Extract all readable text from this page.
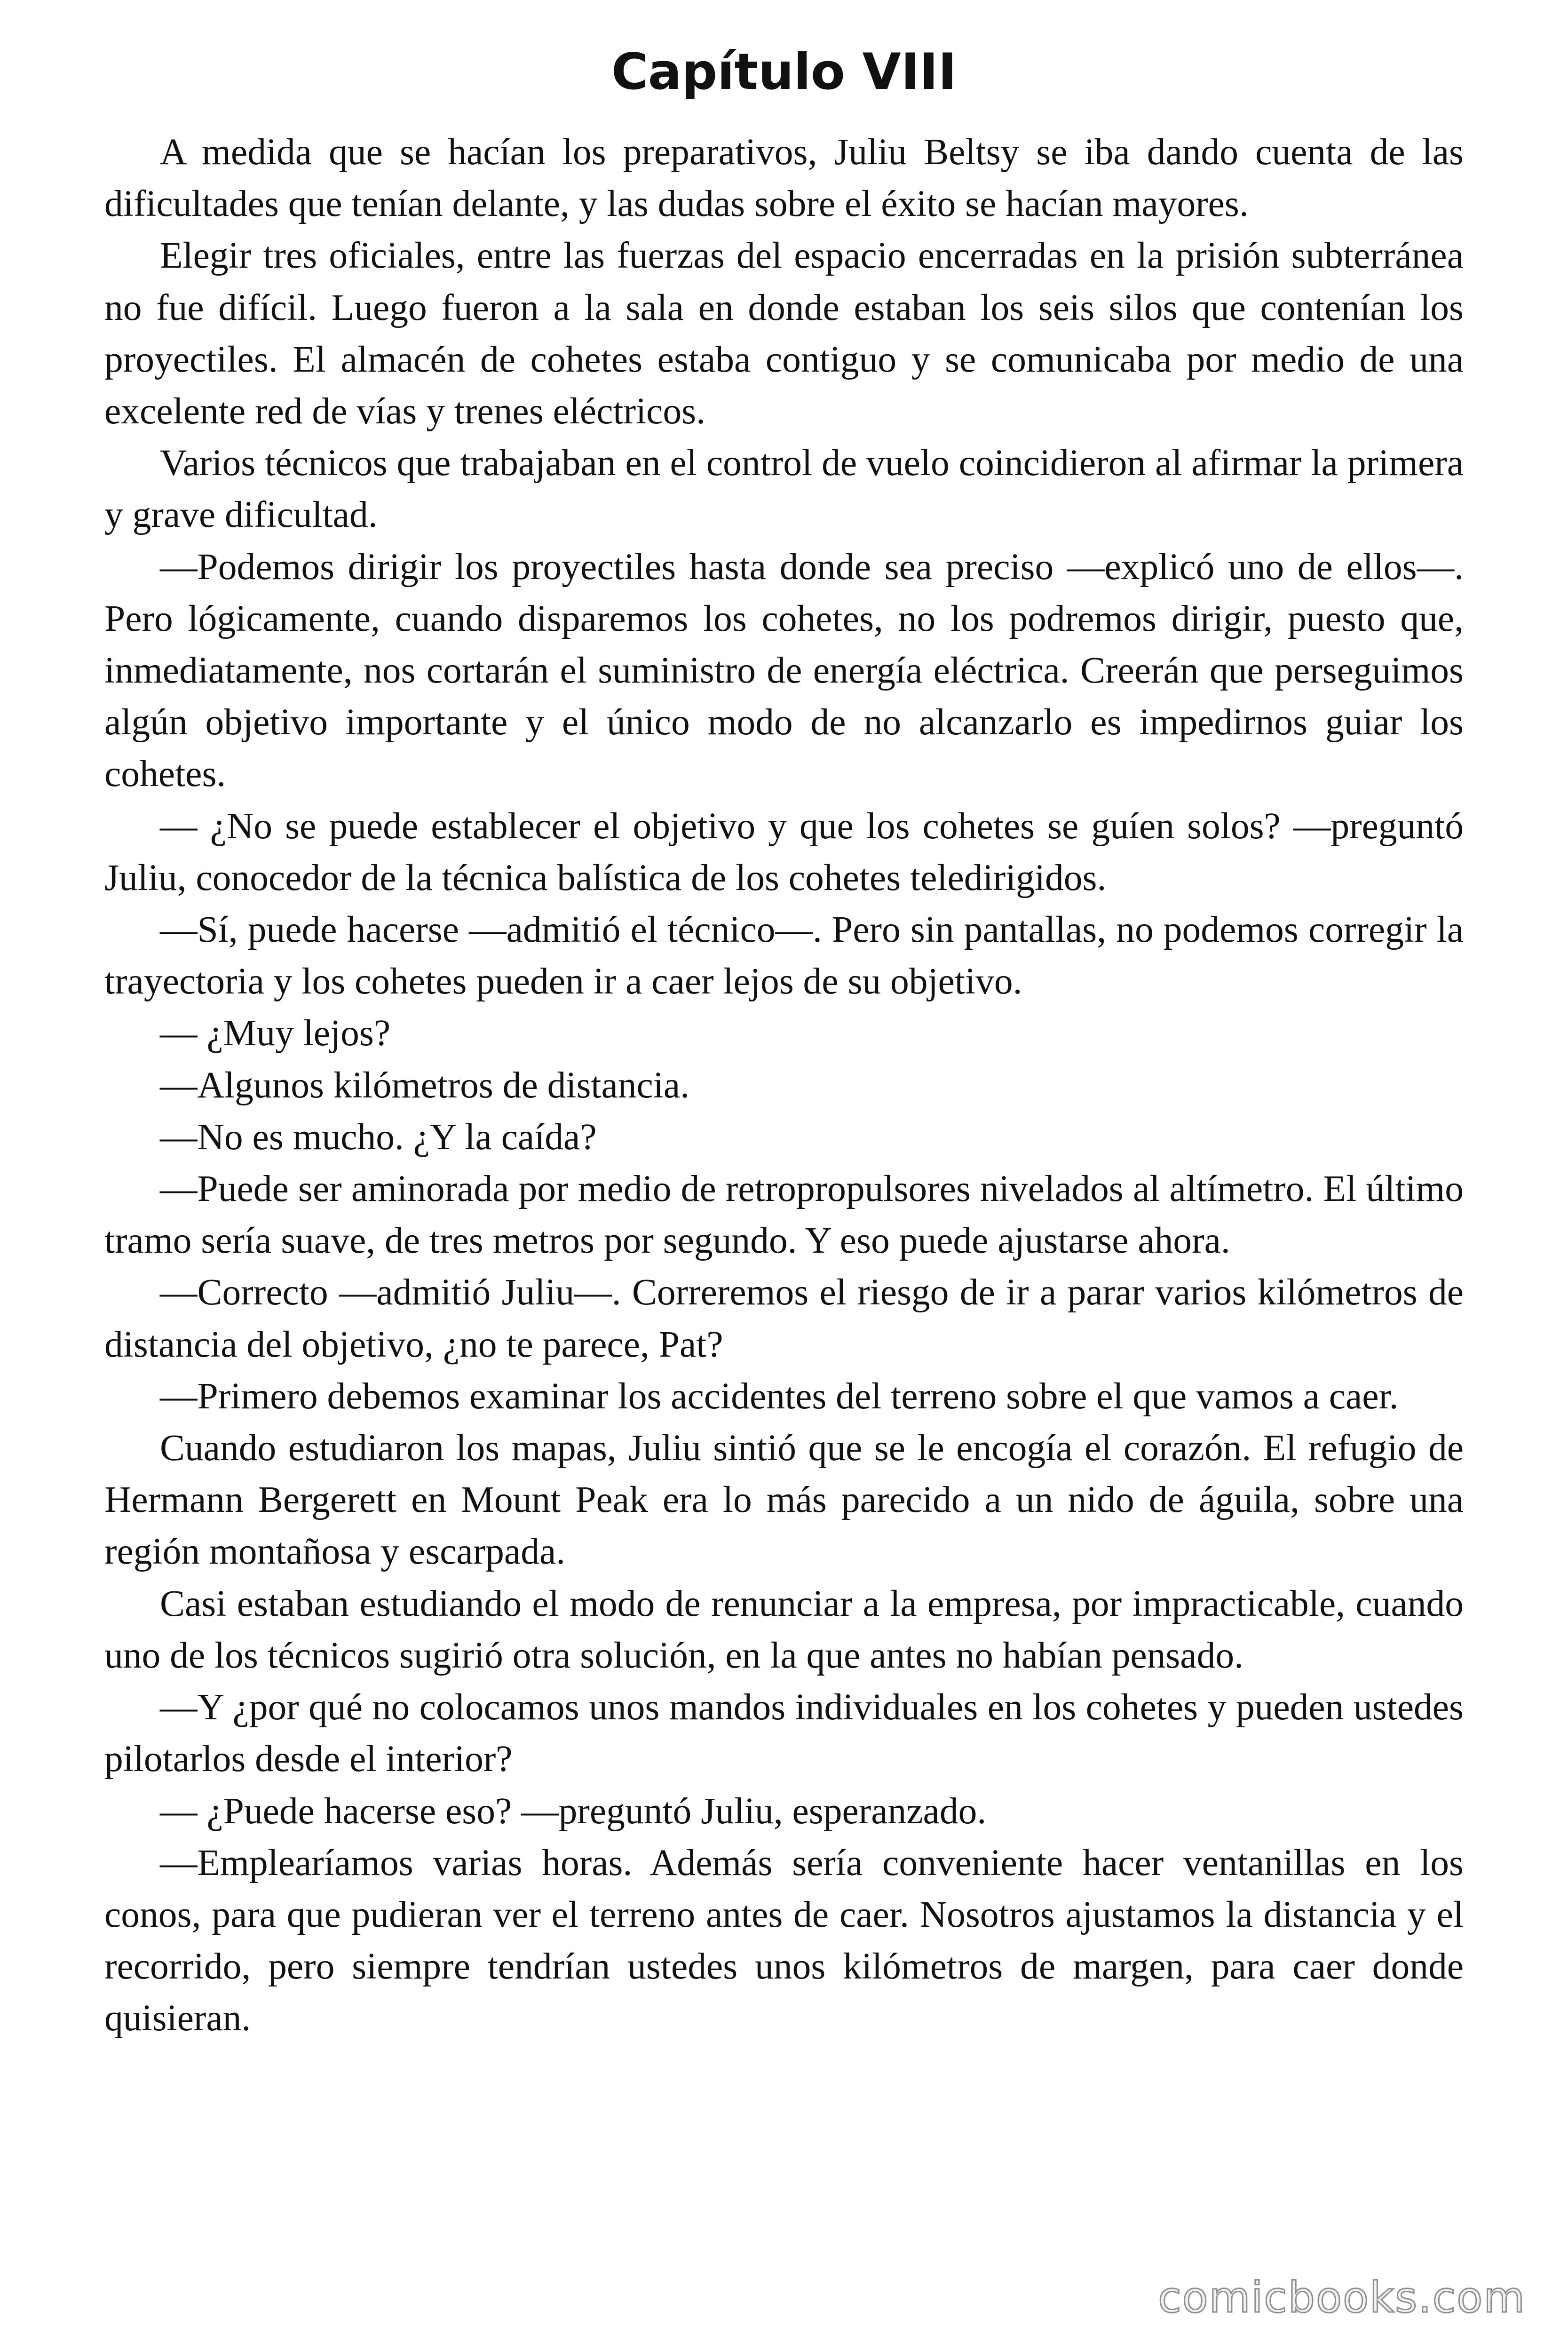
Capítulo VIII

A medida que se hacían los preparativos, Juliu Beltsy se iba dando cuenta de las dificultades que tenían delante, y las dudas sobre el éxito se hacían mayores.

Elegir tres oficiales, entre las fuerzas del espacio encerradas en la prisión subterránea no fue difícil. Luego fueron a la sala en donde estaban los seis silos que contenían los proyectiles. El almacén de cohetes estaba contiguo y se comunicaba por medio de una excelente red de vías y trenes eléctricos.

Varios técnicos que trabajaban en el control de vuelo coincidieron al afirmar la primera y grave dificultad.

—Podemos dirigir los proyectiles hasta donde sea preciso —explicó uno de ellos—. Pero lógicamente, cuando disparemos los cohetes, no los podremos dirigir, puesto que, inmediatamente, nos cortarán el suministro de energía eléctrica. Creerán que perseguimos algún objetivo importante y el único modo de no alcanzarlo es impedirnos guiar los cohetes.

— ¿No se puede establecer el objetivo y que los cohetes se guíen solos? —preguntó Juliu, conocedor de la técnica balística de los cohetes teledirigidos.

—Sí, puede hacerse —admitió el técnico—. Pero sin pantallas, no podemos corregir la trayectoria y los cohetes pueden ir a caer lejos de su objetivo.

— ¿Muy lejos?

—Algunos kilómetros de distancia.

—No es mucho. ¿Y la caída?

—Puede ser aminorada por medio de retropropulsores nivelados al altímetro. El último tramo sería suave, de tres metros por segundo. Y eso puede ajustarse ahora.

—Correcto —admitió Juliu—. Correremos el riesgo de ir a parar varios kilómetros de distancia del objetivo, ¿no te parece, Pat?

—Primero debemos examinar los accidentes del terreno sobre el que vamos a caer.

Cuando estudiaron los mapas, Juliu sintió que se le encogía el corazón. El refugio de Hermann Bergerett en Mount Peak era lo más parecido a un nido de águila, sobre una región montañosa y escarpada.

Casi estaban estudiando el modo de renunciar a la empresa, por impracticable, cuando uno de los técnicos sugirió otra solución, en la que antes no habían pensado.

—Y ¿por qué no colocamos unos mandos individuales en los cohetes y pueden ustedes pilotarlos desde el interior?

— ¿Puede hacerse eso? —preguntó Juliu, esperanzado.

—Emplearíamos varias horas. Además sería conveniente hacer ventanillas en los conos, para que pudieran ver el terreno antes de caer. Nosotros ajustamos la distancia y el recorrido, pero siempre tendrían ustedes unos kilómetros de margen, para caer donde quisieran.

comicbooks.com
